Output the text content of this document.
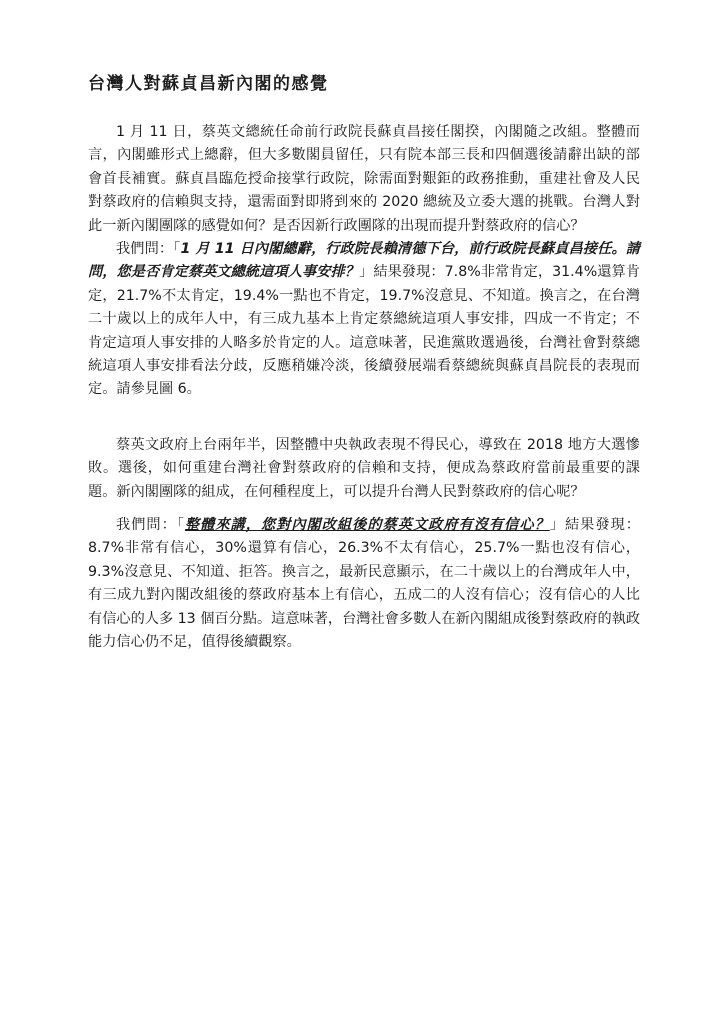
台灣人對蘇貞昌新內閣的感覺

1 月 11 日，蔡英文總統任命前行政院長蘇貞昌接任閣揆，內閣隨之改組。整體而言，內閣雖形式上總辭，但大多數閣員留任，只有院本部三長和四個選後請辭出缺的部會首長補實。蘇貞昌臨危授命接掌行政院，除需面對艱鉅的政務推動，重建社會及人民對蔡政府的信賴與支持，還需面對即將到來的 2020 總統及立委大選的挑戰。台灣人對此一新內閣團隊的感覺如何？是否因新行政團隊的出現而提升對蔡政府的信心？

我們問：「1 月 11 日內閣總辭，行政院長賴清德下台，前行政院長蘇貞昌接任。請問，您是否肯定蔡英文總統這項人事安排？」結果發現：7.8%非常肯定，31.4%還算肯定，21.7%不太肯定，19.4%一點也不肯定，19.7%沒意見、不知道。換言之，在台灣二十歲以上的成年人中，有三成九基本上肯定蔡總統這項人事安排，四成一不肯定；不肯定這項人事安排的人略多於肯定的人。這意味著，民進黨敗選過後，台灣社會對蔡總統這項人事安排看法分歧，反應稍嫌冷淡，後續發展端看蔡總統與蘇貞昌院長的表現而定。請參見圖 6。

蔡英文政府上台兩年半，因整體中央執政表現不得民心，導致在 2018 地方大選慘敗。選後，如何重建台灣社會對蔡政府的信賴和支持，便成為蔡政府當前最重要的課題。新內閣團隊的組成，在何種程度上，可以提升台灣人民對蔡政府的信心呢？

我們問：「整體來講，您對內閣改組後的蔡英文政府有沒有信心？」結果發現：8.7%非常有信心，30%還算有信心，26.3%不太有信心，25.7%一點也沒有信心，9.3%沒意見、不知道、拒答。換言之，最新民意顯示，在二十歲以上的台灣成年人中，有三成九對內閣改組後的蔡政府基本上有信心，五成二的人沒有信心；沒有信心的人比有信心的人多 13 個百分點。這意味著，台灣社會多數人在新內閣組成後對蔡政府的執政能力信心仍不足，值得後續觀察。
